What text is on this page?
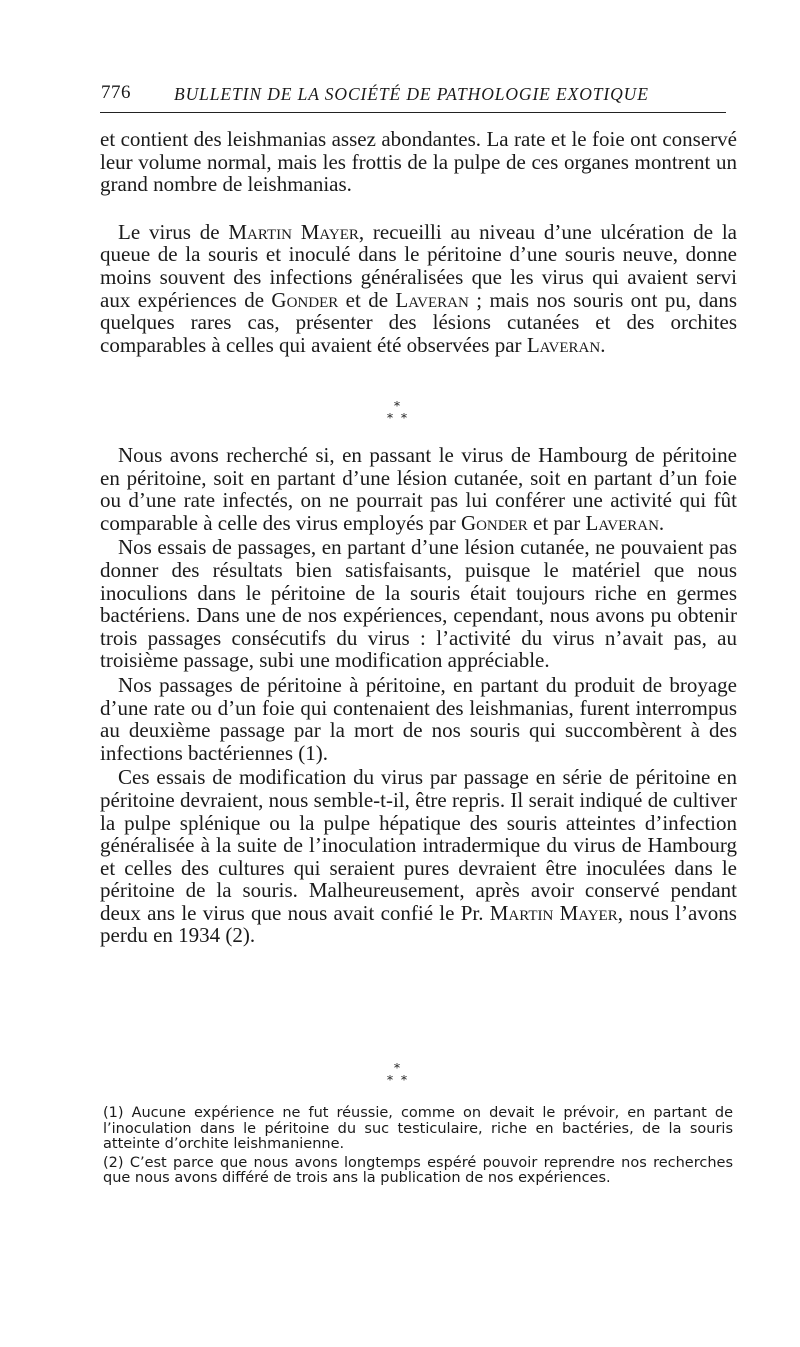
776 BULLETIN DE LA SOCIÉTÉ DE PATHOLOGIE EXOTIQUE

et contient des leishmanias assez abondantes. La rate et le foie ont conservé leur volume normal, mais les frottis de la pulpe de ces organes montrent un grand nombre de leishmanias.

Le virus de Martin Mayer, recueilli au niveau d’une ulcération de la queue de la souris et inoculé dans le péritoine d’une souris neuve, donne moins souvent des infections généralisées que les virus qui avaient servi aux expériences de Gonder et de Laveran ; mais nos souris ont pu, dans quelques rares cas, présenter des lésions cutanées et des orchites comparables à celles qui avaient été observées par Laveran.

*
* *

Nous avons recherché si, en passant le virus de Hambourg de péritoine en péritoine, soit en partant d’une lésion cutanée, soit en partant d’un foie ou d’une rate infectés, on ne pourrait pas lui conférer une activité qui fût comparable à celle des virus employés par Gonder et par Laveran.

Nos essais de passages, en partant d’une lésion cutanée, ne pouvaient pas donner des résultats bien satisfaisants, puisque le matériel que nous inoculions dans le péritoine de la souris était toujours riche en germes bactériens. Dans une de nos expériences, cependant, nous avons pu obtenir trois passages consécutifs du virus : l’activité du virus n’avait pas, au troisième passage, subi une modification appréciable.

Nos passages de péritoine à péritoine, en partant du produit de broyage d’une rate ou d’un foie qui contenaient des leishmanias, furent interrompus au deuxième passage par la mort de nos souris qui succombèrent à des infections bactériennes (1).

Ces essais de modification du virus par passage en série de péritoine en péritoine devraient, nous semble-t-il, être repris. Il serait indiqué de cultiver la pulpe splénique ou la pulpe hépatique des souris atteintes d’infection généralisée à la suite de l’inoculation intradermique du virus de Hambourg et celles des cultures qui seraient pures devraient être inoculées dans le péritoine de la souris. Malheureusement, après avoir conservé pendant deux ans le virus que nous avait confié le Pr. Martin Mayer, nous l’avons perdu en 1934 (2).

*
* *

(1) Aucune expérience ne fut réussie, comme on devait le prévoir, en partant de l’inoculation dans le péritoine du suc testiculaire, riche en bactéries, de la souris atteinte d’orchite leishmanienne.

(2) C’est parce que nous avons longtemps espéré pouvoir reprendre nos recherches que nous avons différé de trois ans la publication de nos expériences.
